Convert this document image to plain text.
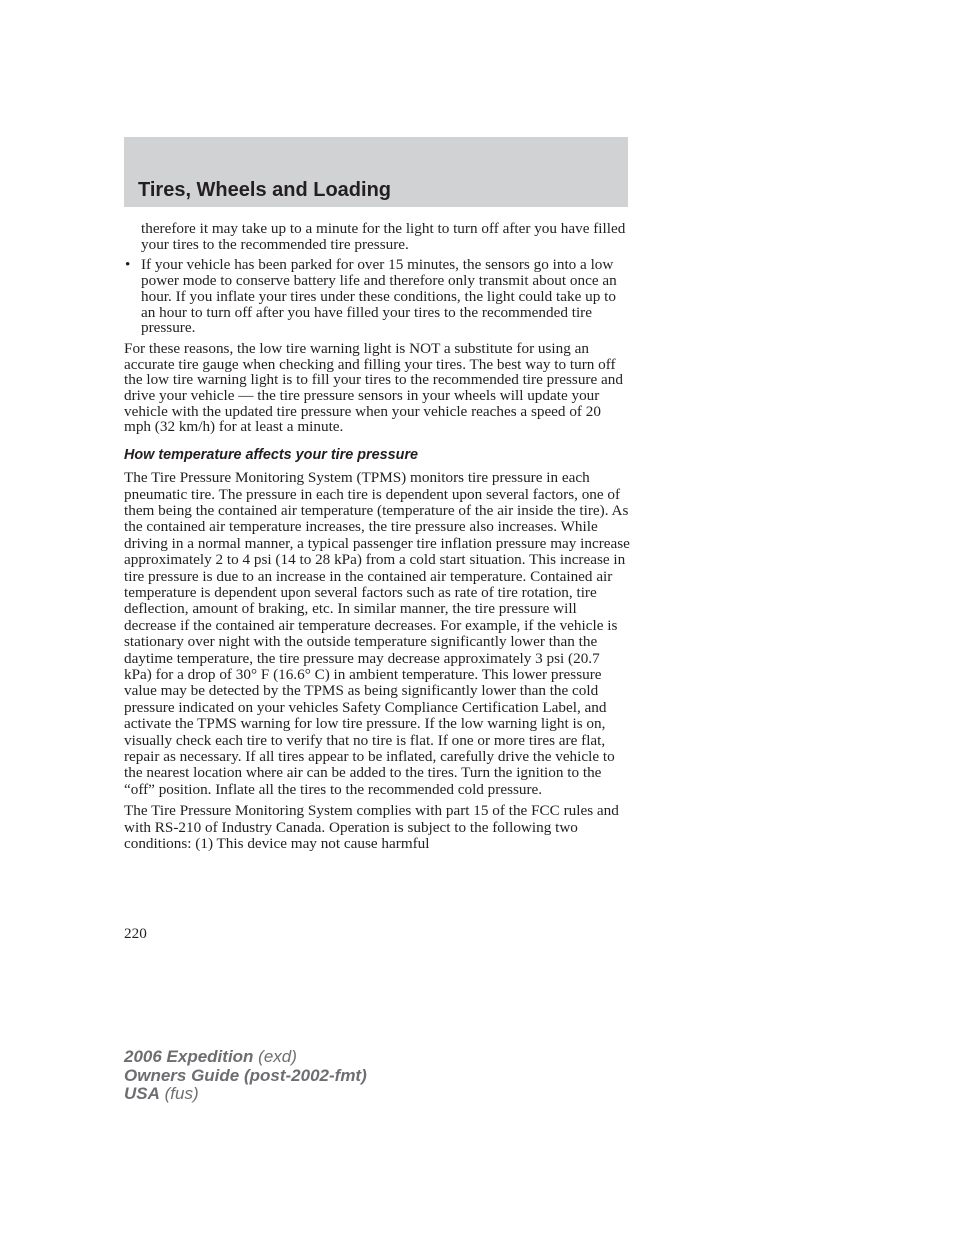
Tires, Wheels and Loading

therefore it may take up to a minute for the light to turn off after you have filled your tires to the recommended tire pressure.

• If your vehicle has been parked for over 15 minutes, the sensors go into a low power mode to conserve battery life and therefore only transmit about once an hour. If you inflate your tires under these conditions, the light could take up to an hour to turn off after you have filled your tires to the recommended tire pressure.

For these reasons, the low tire warning light is NOT a substitute for using an accurate tire gauge when checking and filling your tires. The best way to turn off the low tire warning light is to fill your tires to the recommended tire pressure and drive your vehicle — the tire pressure sensors in your wheels will update your vehicle with the updated tire pressure when your vehicle reaches a speed of 20 mph (32 km/h) for at least a minute.

How temperature affects your tire pressure

The Tire Pressure Monitoring System (TPMS) monitors tire pressure in each pneumatic tire. The pressure in each tire is dependent upon several factors, one of them being the contained air temperature (temperature of the air inside the tire). As the contained air temperature increases, the tire pressure also increases. While driving in a normal manner, a typical passenger tire inflation pressure may increase approximately 2 to 4 psi (14 to 28 kPa) from a cold start situation. This increase in tire pressure is due to an increase in the contained air temperature. Contained air temperature is dependent upon several factors such as rate of tire rotation, tire deflection, amount of braking, etc. In similar manner, the tire pressure will decrease if the contained air temperature decreases. For example, if the vehicle is stationary over night with the outside temperature significantly lower than the daytime temperature, the tire pressure may decrease approximately 3 psi (20.7 kPa) for a drop of 30° F (16.6° C) in ambient temperature. This lower pressure value may be detected by the TPMS as being significantly lower than the cold pressure indicated on your vehicles Safety Compliance Certification Label, and activate the TPMS warning for low tire pressure. If the low warning light is on, visually check each tire to verify that no tire is flat. If one or more tires are flat, repair as necessary. If all tires appear to be inflated, carefully drive the vehicle to the nearest location where air can be added to the tires. Turn the ignition to the “off” position. Inflate all the tires to the recommended cold pressure.

The Tire Pressure Monitoring System complies with part 15 of the FCC rules and with RS-210 of Industry Canada. Operation is subject to the following two conditions: (1) This device may not cause harmful

220
2006 Expedition (exd)
Owners Guide (post-2002-fmt)
USA (fus)
